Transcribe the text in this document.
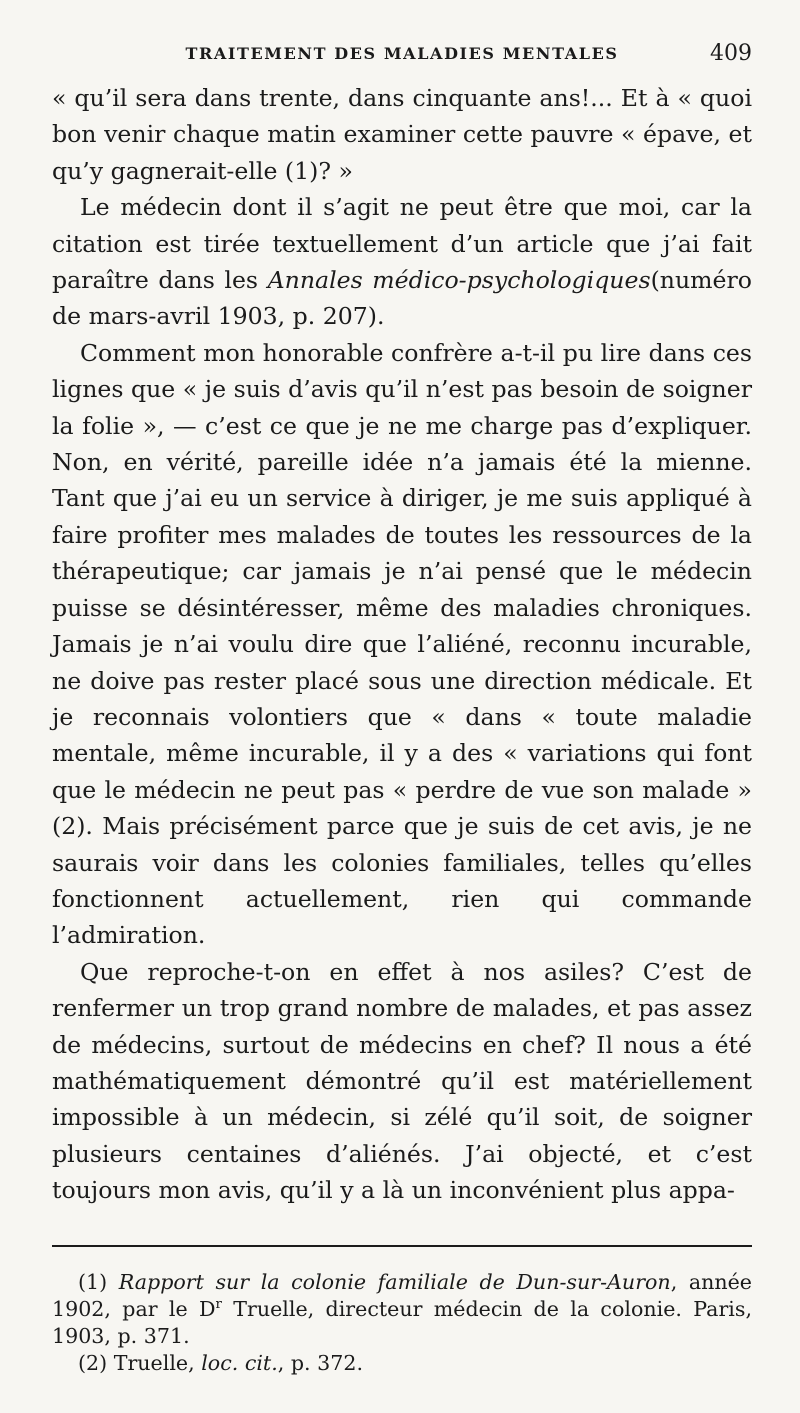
TRAITEMENT DES MALADIES MENTALES	409

« qu’il sera dans trente, dans cinquante ans!... Et à « quoi bon venir chaque matin examiner cette pauvre « épave, et qu’y gagnerait-elle (1)? »

Le médecin dont il s’agit ne peut être que moi, car la citation est tirée textuellement d’un article que j’ai fait paraître dans les Annales médico-psychologiques(numéro de mars-avril 1903, p. 207).

Comment mon honorable confrère a-t-il pu lire dans ces lignes que « je suis d’avis qu’il n’est pas besoin de soigner la folie », — c’est ce que je ne me charge pas d’expliquer. Non, en vérité, pareille idée n’a jamais été la mienne. Tant que j’ai eu un service à diriger, je me suis appliqué à faire profiter mes malades de toutes les ressources de la thérapeutique; car jamais je n’ai pensé que le médecin puisse se désintéresser, même des maladies chroniques. Jamais je n’ai voulu dire que l’aliéné, reconnu incurable, ne doive pas rester placé sous une direction médicale. Et je reconnais volontiers que « dans « toute maladie mentale, même incurable, il y a des « variations qui font que le médecin ne peut pas « perdre de vue son malade » (2). Mais précisément parce que je suis de cet avis, je ne saurais voir dans les colonies familiales, telles qu’elles fonctionnent actuellement, rien qui commande l’admiration.

Que reproche-t-on en effet à nos asiles? C’est de renfermer un trop grand nombre de malades, et pas assez de médecins, surtout de médecins en chef? Il nous a été mathématiquement démontré qu’il est matériellement impossible à un médecin, si zélé qu’il soit, de soigner plusieurs centaines d’aliénés. J’ai objecté, et c’est toujours mon avis, qu’il y a là un inconvénient plus appa-

(1) Rapport sur la colonie familiale de Dun-sur-Auron, année 1902, par le $D^r$ Truelle, directeur médecin de la colonie. Paris, 1903, p. 371.

(2) Truelle, loc. cit., p. 372.
